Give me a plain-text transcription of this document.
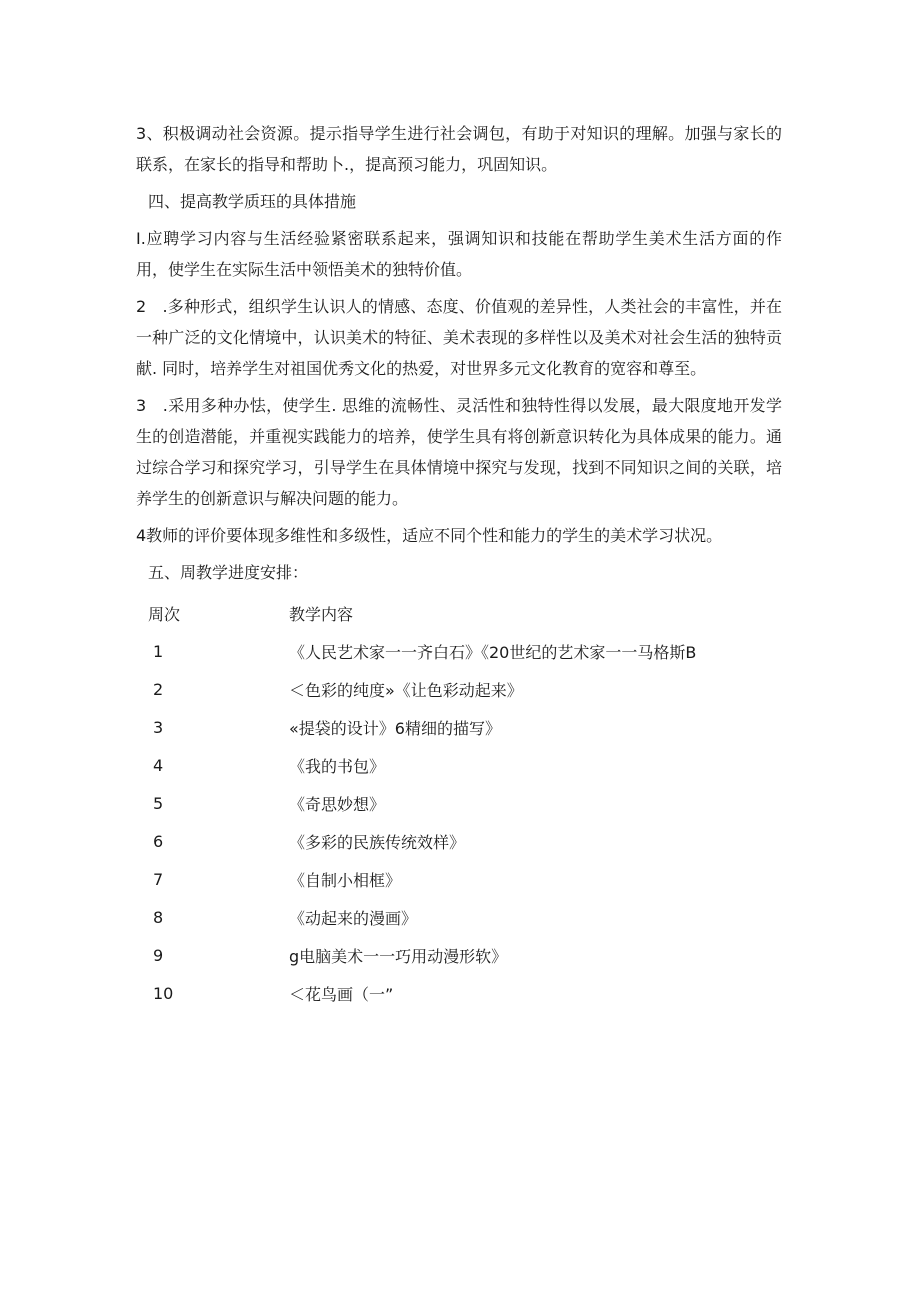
3、积极调动社会资源。提示指导学生进行社会调包，有助于对知识的理解。加强与家长的联系，在家长的指导和帮助卜.，提高预习能力，巩固知识。

四、提高教学质珏的具体措施

I.应聘学习内容与生活经验紧密联系起来，强调知识和技能在帮助学生美术生活方面的作用，使学生在实际生活中领悟美术的独特价值。

2　.多种形式，组织学生认识人的情感、态度、价值观的差异性，人类社会的丰富性，并在一种广泛的文化情境中，认识美术的特征、美术表现的多样性以及美术对社会生活的独特贡献. 同时，培养学生对祖国优秀文化的热爱，对世界多元文化教育的宽容和尊至。

3　.采用多种办怯，使学生. 思维的流畅性、灵活性和独特性得以发展，最大限度地开发学生的创造潜能，并重视实践能力的培养，使学生具有将创新意识转化为具体成果的能力。通过综合学习和探究学习，引导学生在具体情境中探究与发现，找到不同知识之间的关联，培养学生的创新意识与解决问题的能力。

4教师的评价要体现多维性和多级性，适应不同个性和能力的学生的美术学习状况。

五、周教学进度安排：
周次	教学内容
1	《人民艺术家一一齐白石》《20世纪的艺术家一一马格斯B
2	＜色彩的纯度»《让色彩动起来》
3	«提袋的设计》6精细的描写》
4	《我的书包》
5	《奇思妙想》
6	《多彩的民族传统效样》
7	《自制小相框》
8	《动起来的漫画》
9	g电脑美术一一巧用动漫形软》
10	＜花鸟画（一”
